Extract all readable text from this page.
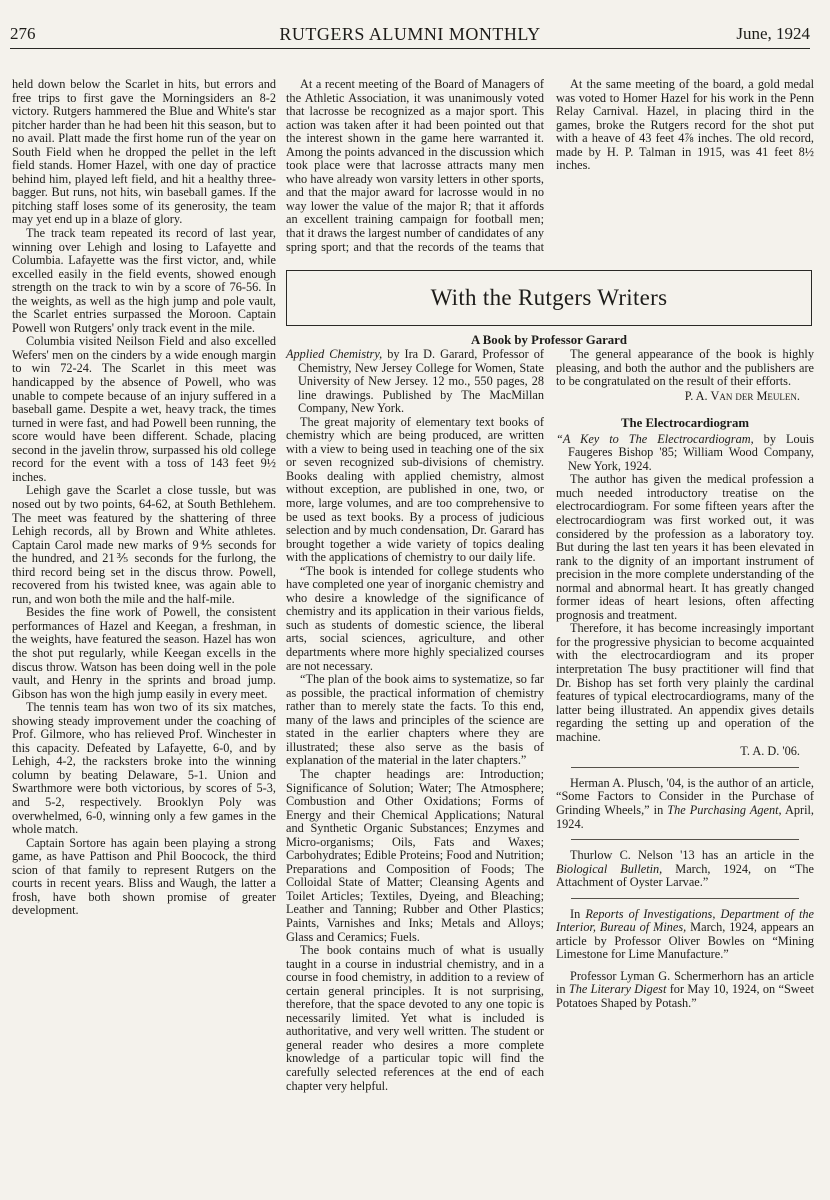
276	RUTGERS ALUMNI MONTHLY	June, 1924

held down below the Scarlet in hits, but errors and free trips to first gave the Morningsiders an 8-2 victory. Rutgers hammered the Blue and White's star pitcher harder than he had been hit this season, but to no avail. Platt made the first home run of the year on South Field when he dropped the pellet in the left field stands. Homer Hazel, with one day of practice behind him, played left field, and hit a healthy three-bagger. But runs, not hits, win baseball games. If the pitching staff loses some of its generosity, the team may yet end up in a blaze of glory.

The track team repeated its record of last year, winning over Lehigh and losing to Lafayette and Columbia. Lafayette was the first victor, and, while excelled easily in the field events, showed enough strength on the track to win by a score of 76-56. In the weights, as well as the high jump and pole vault, the Scarlet entries surpassed the Moroon. Captain Powell won Rutgers' only track event in the mile.

Columbia visited Neilson Field and also excelled Wefers' men on the cinders by a wide enough margin to win 72-24. The Scarlet in this meet was handicapped by the absence of Powell, who was unable to compete because of an injury suffered in a baseball game. Despite a wet, heavy track, the times turned in were fast, and had Powell been running, the score would have been different. Schade, placing second in the javelin throw, surpassed his old college record for the event with a toss of 143 feet 9½ inches.

Lehigh gave the Scarlet a close tussle, but was nosed out by two points, 64-62, at South Bethlehem. The meet was featured by the shattering of three Lehigh records, all by Brown and White athletes. Captain Carol made new marks of 9⅘ seconds for the hundred, and 21⅗ seconds for the furlong, the third record being set in the discus throw. Powell, recovered from his twisted knee, was again able to run, and won both the mile and the half-mile.

Besides the fine work of Powell, the consistent performances of Hazel and Keegan, a freshman, in the weights, have featured the season. Hazel has won the shot put regularly, while Keegan excells in the discus throw. Watson has been doing well in the pole vault, and Henry in the sprints and broad jump. Gibson has won the high jump easily in every meet.

The tennis team has won two of its six matches, showing steady improvement under the coaching of Prof. Gilmore, who has relieved Prof. Winchester in this capacity. Defeated by Lafayette, 6-0, and by Lehigh, 4-2, the racksters broke into the winning column by beating Delaware, 5-1. Union and Swarthmore were both victorious, by scores of 5-3, and 5-2, respectively. Brooklyn Poly was overwhelmed, 6-0, winning only a few games in the whole match.

Captain Sortore has again been playing a strong game, as have Pattison and Phil Boocock, the third scion of that family to represent Rutgers on the courts in recent years. Bliss and Waugh, the latter a frosh, have both shown promise of greater development.

At a recent meeting of the Board of Managers of the Athletic Association, it was unanimously voted that lacrosse be recognized as a major sport. This action was taken after it had been pointed out that the interest shown in the game here warranted it. Among the points advanced in the discussion which took place were that lacrosse attracts many men who have already won varsity letters in other sports, and that the major award for lacrosse would in no way lower the value of the major R; that it affords an excellent training campaign for football men; that it draws the largest number of candidates of any spring sport; and that the records of the teams that

At the same meeting of the board, a gold medal was voted to Homer Hazel for his work in the Penn Relay Carnival. Hazel, in placing third in the games, broke the Rutgers record for the shot put with a heave of 43 feet 4⅞ inches. The old record, made by H. P. Talman in 1915, was 41 feet 8½ inches.

With the Rutgers Writers
A Book by Professor Garard

Applied Chemistry, by Ira D. Garard, Professor of Chemistry, New Jersey College for Women, State University of New Jersey. 12 mo., 550 pages, 28 line drawings. Published by The MacMillan Company, New York.

The great majority of elementary text books of chemistry which are being produced, are written with a view to being used in teaching one of the six or seven recognized sub-divisions of chemistry. Books dealing with applied chemistry, almost without exception, are published in one, two, or more, large volumes, and are too comprehensive to be used as text books. By a process of judicious selection and by much condensation, Dr. Garard has brought together a wide variety of topics dealing with the applications of chemistry to our daily life.

“The book is intended for college students who have completed one year of inorganic chemistry and who desire a knowledge of the significance of chemistry and its application in their various fields, such as students of domestic science, the liberal arts, social sciences, agriculture, and other departments where more highly specialized courses are not necessary.

“The plan of the book aims to systematize, so far as possible, the practical information of chemistry rather than to merely state the facts. To this end, many of the laws and principles of the science are stated in the earlier chapters where they are illustrated; these also serve as the basis of explanation of the material in the later chapters.”

The chapter headings are: Introduction; Significance of Solution; Water; The Atmosphere; Combustion and Other Oxidations; Forms of Energy and their Chemical Applications; Natural and Synthetic Organic Substances; Enzymes and Micro-organisms; Oils, Fats and Waxes; Carbohydrates; Edible Proteins; Food and Nutrition; Preparations and Composition of Foods; The Colloidal State of Matter; Cleansing Agents and Toilet Articles; Textiles, Dyeing, and Bleaching; Leather and Tanning; Rubber and Other Plastics; Paints, Varnishes and Inks; Metals and Alloys; Glass and Ceramics; Fuels.

The book contains much of what is usually taught in a course in industrial chemistry, and in a course in food chemistry, in addition to a review of certain general principles. It is not surprising, therefore, that the space devoted to any one topic is necessarily limited. Yet what is included is authoritative, and very well written. The student or general reader who desires a more complete knowledge of a particular topic will find the carefully selected references at the end of each chapter very helpful.

The general appearance of the book is highly pleasing, and both the author and the publishers are to be congratulated on the result of their efforts.

P. A. Van der Meulen.

The Electrocardiogram

“A Key to The Electrocardiogram, by Louis Faugeres Bishop '85; William Wood Company, New York, 1924.

The author has given the medical profession a much needed introductory treatise on the electrocardiogram. For some fifteen years after the electrocardiogram was first worked out, it was considered by the profession as a laboratory toy. But during the last ten years it has been elevated in rank to the dignity of an important instrument of precision in the more complete understanding of the normal and abnormal heart. It has greatly changed former ideas of heart lesions, often affecting prognosis and treatment.

Therefore, it has become increasingly important for the progressive physician to become acquainted with the electrocardiogram and its proper interpretation The busy practitioner will find that Dr. Bishop has set forth very plainly the cardinal features of typical electrocardiograms, many of the latter being illustrated. An appendix gives details regarding the setting up and operation of the machine.

T. A. D. '06.

Herman A. Plusch, '04, is the author of an article, “Some Factors to Consider in the Purchase of Grinding Wheels,” in The Purchasing Agent, April, 1924.

Thurlow C. Nelson '13 has an article in the Biological Bulletin, March, 1924, on “The Attachment of Oyster Larvae.”

In Reports of Investigations, Department of the Interior, Bureau of Mines, March, 1924, appears an article by Professor Oliver Bowles on “Mining Limestone for Lime Manufacture.”

Professor Lyman G. Schermerhorn has an article in The Literary Digest for May 10, 1924, on “Sweet Potatoes Shaped by Potash.”
